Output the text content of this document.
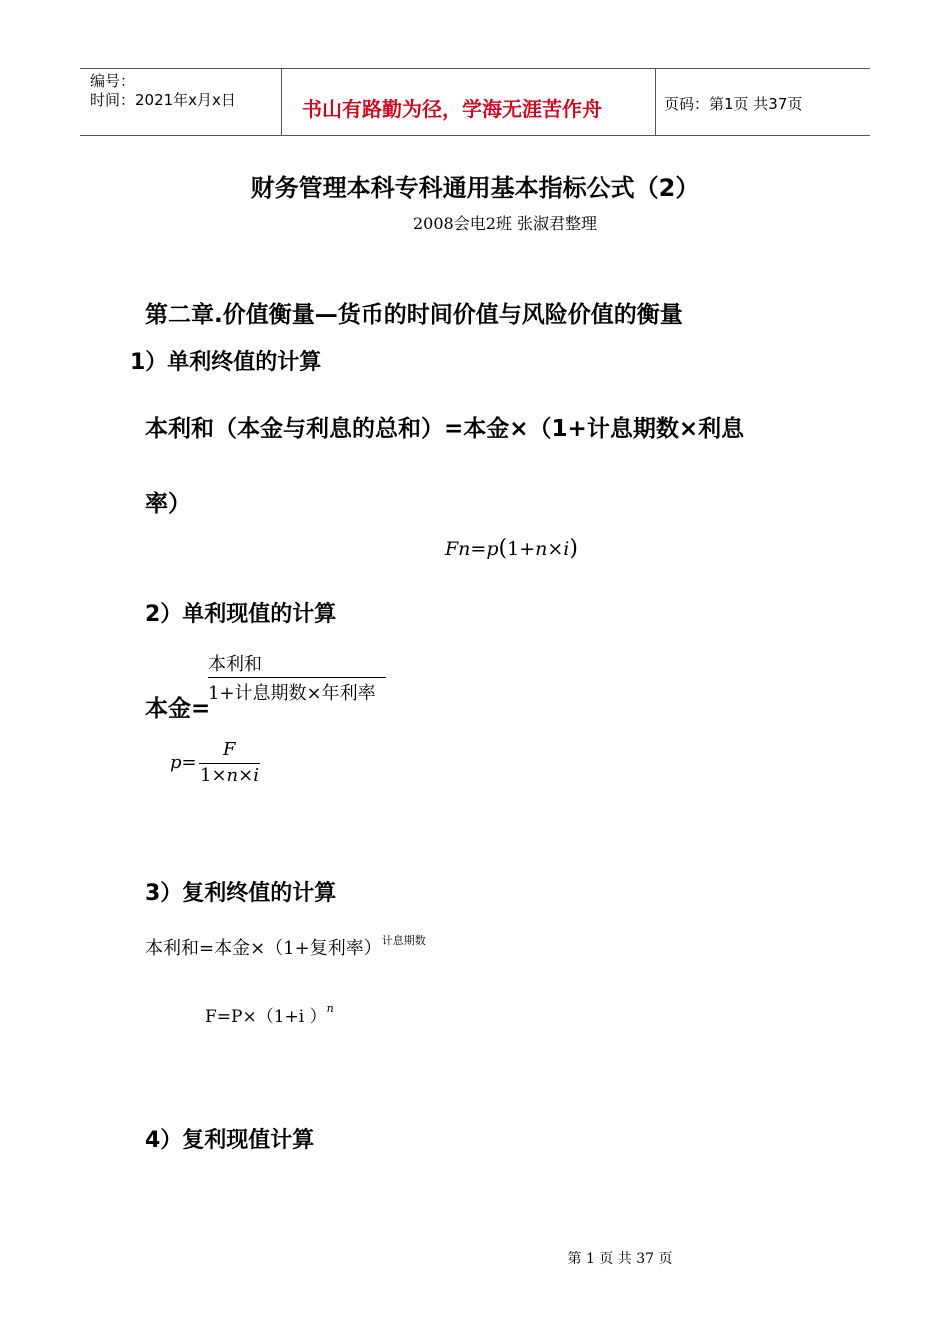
编号：
时间：2021年x月x日	书山有路勤为径，学海无涯苦作舟	页码：第1页 共37页
财务管理本科专科通用基本指标公式（2）
2008会电2班 张淑君整理
第二章.价值衡量—货币的时间价值与风险价值的衡量
1）单利终值的计算
本利和（本金与利息的总和）=本金×（1+计息期数×利息
率）
Fn=p(1+n×i)
2）单利现值的计算
本利和
1+计息期数×年利率
本金=
p=
F
1×n×i
3）复利终值的计算
本利和=本金×（1+复利率）$^{计息期数}$
F=P×（1+i ）$^n$
4）复利现值计算
第 1 页 共 37 页
